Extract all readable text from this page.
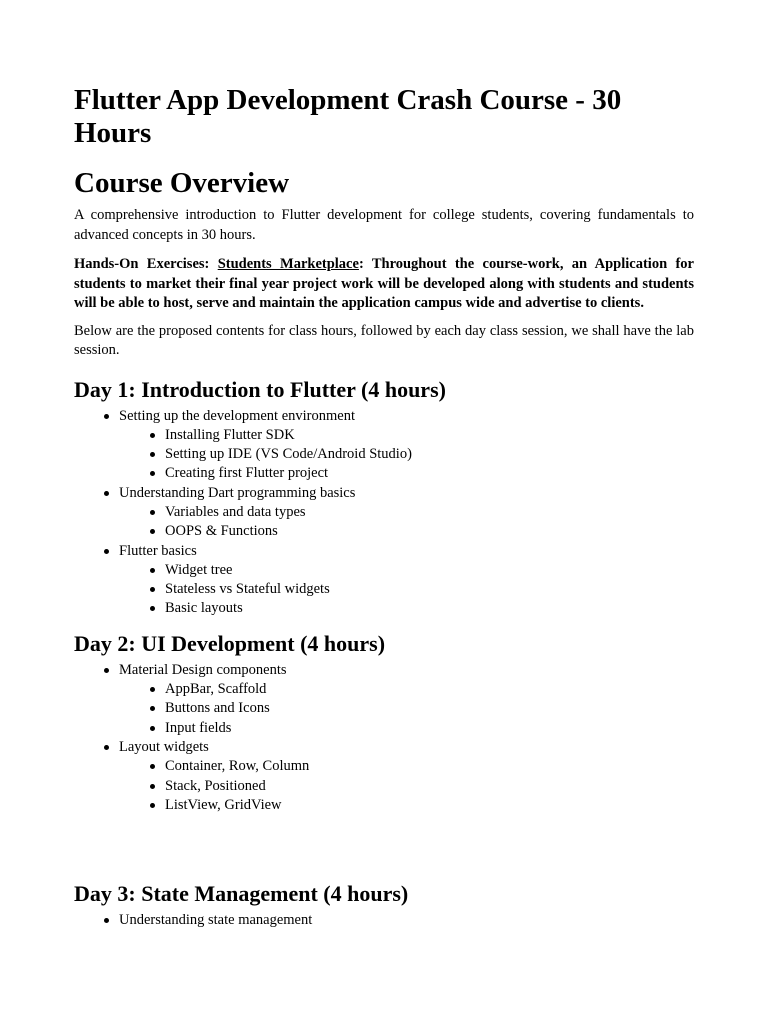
Flutter App Development Crash Course - 30 Hours
Course Overview

A comprehensive introduction to Flutter development for college students, covering fundamentals to advanced concepts in 30 hours.

Hands-On Exercises: Students Marketplace: Throughout the course-work, an Application for students to market their final year project work will be developed along with students and students will be able to host, serve and maintain the application campus wide and advertise to clients.

Below are the proposed contents for class hours, followed by each day class session, we shall have the lab session.

Day 1: Introduction to Flutter (4 hours)
Setting up the development environment
Installing Flutter SDK
Setting up IDE (VS Code/Android Studio)
Creating first Flutter project
Understanding Dart programming basics
Variables and data types
OOPS & Functions
Flutter basics
Widget tree
Stateless vs Stateful widgets
Basic layouts
Day 2: UI Development (4 hours)
Material Design components
AppBar, Scaffold
Buttons and Icons
Input fields
Layout widgets
Container, Row, Column
Stack, Positioned
ListView, GridView
Day 3: State Management (4 hours)
Understanding state management
